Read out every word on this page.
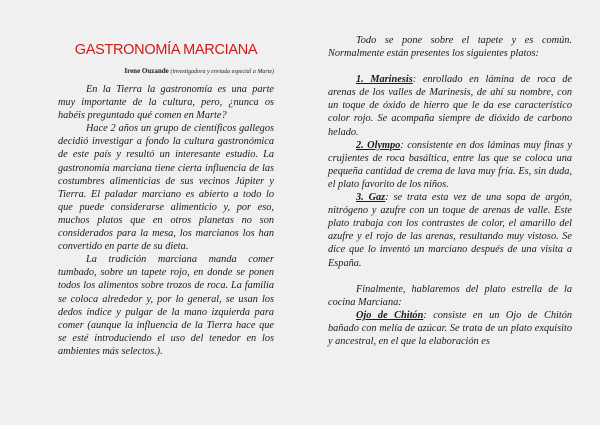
GASTRONOMÍA MARCIANA
Irene Ouzande (investigadora y enviada especial a Marte)

En la Tierra la gastronomía es una parte muy importante de la cultura, pero, ¿nunca os habéis preguntado qué comen en Marte?

Hace 2 años un grupo de científicos gallegos decidió investigar a fondo la cultura gastronómica de este país y resultó un interesante estudio. La gastronomía marciana tiene cierta influencia de las costumbres alimenticias de sus vecinos Júpiter y Tierra. El paladar marciano es abierto a todo lo que puede considerarse alimenticio y, por eso, muchos platos que en otros planetas no son considerados para la mesa, los marcianos los han convertido en parte de su dieta.

La tradición marciana manda comer tumbado, sobre un tapete rojo, en donde se ponen todos los alimentos sobre trozos de roca. La familia se coloca alrededor y, por lo general, se usan los dedos índice y pulgar de la mano izquierda para comer (aunque la influencia de la Tierra hace que se esté introduciendo el uso del tenedor en los ambientes más selectos.).

Todo se pone sobre el tapete y es común. Normalmente están presentes los siguientes platos:

1. Marinesis: enrollado en lámina de roca de arenas de los valles de Marinesis, de ahí su nombre, con un toque de óxido de hierro que le da ese característico color rojo. Se acompaña siempre de dióxido de carbono helado.

2. Olympo: consistente en dos láminas muy finas y crujientes de roca basáltica, entre las que se coloca una pequeña cantidad de crema de lava muy fría. Es, sin duda, el plato favorito de los niños.

3. Gaz: se trata esta vez de una sopa de argón, nitrógeno y azufre con un toque de arenas de valle. Este plato trabaja con los contrastes de color, el amarillo del azufre y el rojo de las arenas, resultando muy vistoso. Se dice que lo inventó un marciano después de una visita a España.

Finalmente, hablaremos del plato estrella de la cocina Marciana:

Ojo de Chitón: consiste en un Ojo de Chitón bañado con melía de azúcar. Se trata de un plato exquisito y ancestral, en el que la elaboración es
